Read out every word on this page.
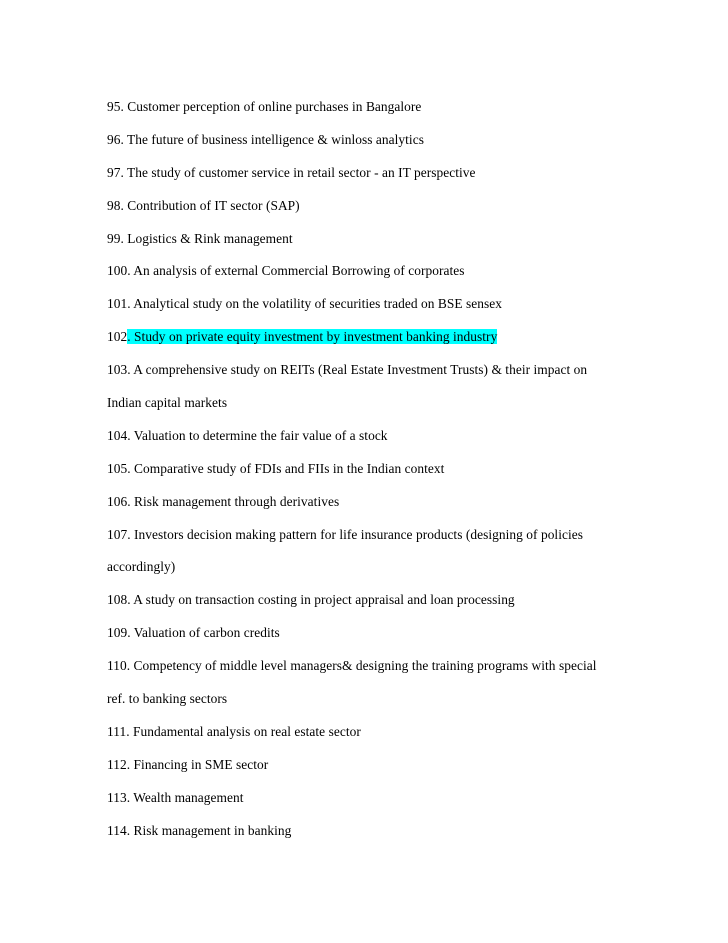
95. Customer perception of online purchases in Bangalore
96. The future of business intelligence & winloss analytics
97. The study of customer service in retail sector - an IT perspective
98. Contribution of IT sector (SAP)
99. Logistics & Rink management
100. An analysis of external Commercial Borrowing of corporates
101. Analytical study on the volatility of securities traded on BSE sensex
102. Study on private equity investment by investment banking industry
103. A comprehensive study on REITs (Real Estate Investment Trusts) & their impact on
Indian capital markets
104. Valuation to determine the fair value of a stock
105. Comparative study of FDIs and FIIs in the Indian context
106. Risk management through derivatives
107. Investors decision making pattern for life insurance products (designing of policies
accordingly)
108. A study on transaction costing in project appraisal and loan processing
109. Valuation of carbon credits
110. Competency of middle level managers& designing the training programs with special
ref. to banking sectors
111. Fundamental analysis on real estate sector
112. Financing in SME sector
113. Wealth management
114. Risk management in banking
